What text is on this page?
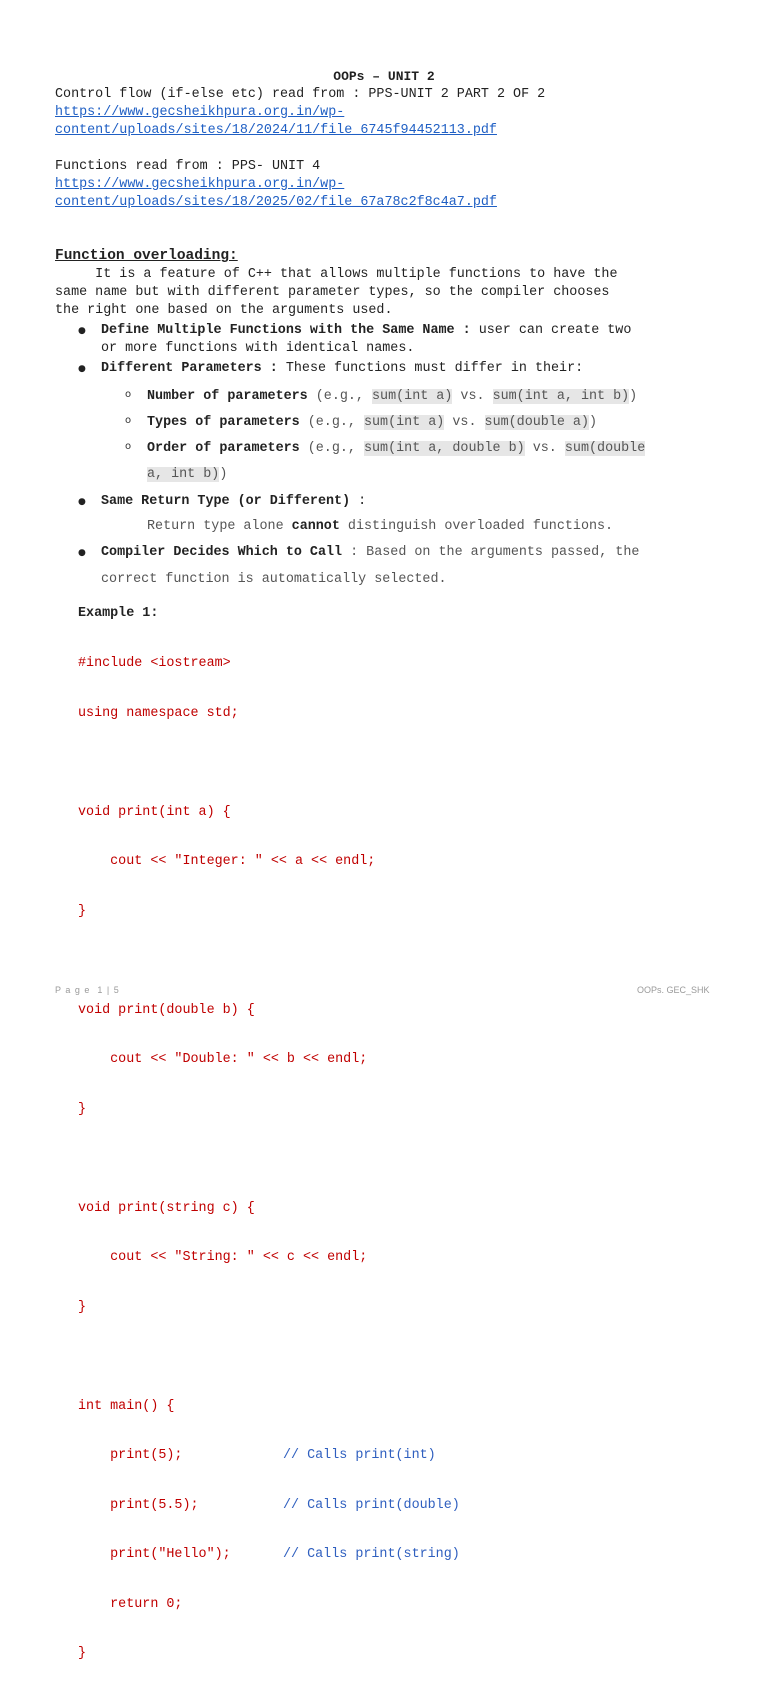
OOPs – UNIT 2
Control flow (if-else etc) read from : PPS-UNIT 2 PART 2 OF 2
https://www.gecsheikhpura.org.in/wp-
content/uploads/sites/18/2024/11/file_6745f94452113.pdf
Functions read from : PPS- UNIT 4
https://www.gecsheikhpura.org.in/wp-
content/uploads/sites/18/2025/02/file_67a78c2f8c4a7.pdf
Function overloading:
It is a feature of C++ that allows multiple functions to have the
same name but with different parameter types, so the compiler chooses
the right one based on the arguments used.
● Define Multiple Functions with the Same Name : user can create two
or more functions with identical names.
● Different Parameters : These functions must differ in their:
o Number of parameters (e.g., sum(int a) vs. sum(int a, int b))
o Types of parameters (e.g., sum(int a) vs. sum(double a))
o Order of parameters (e.g., sum(int a, double b) vs. sum(double
a, int b))
● Same Return Type (or Different) :
Return type alone cannot distinguish overloaded functions.
● Compiler Decides Which to Call : Based on the arguments passed, the
correct function is automatically selected.
Example 1:

#include <iostream>

using namespace std;

void print(int a) {

cout << "Integer: " << a << endl;

}

void print(double b) {

cout << "Double: " << b << endl;

}

void print(string c) {

cout << "String: " << c << endl;

}

int main() {

print(5);	// Calls print(int)

print(5.5);	// Calls print(double)

print("Hello");	// Calls print(string)

return 0;

}

P a g e  1 | 5	OOPs. GEC_SHK
